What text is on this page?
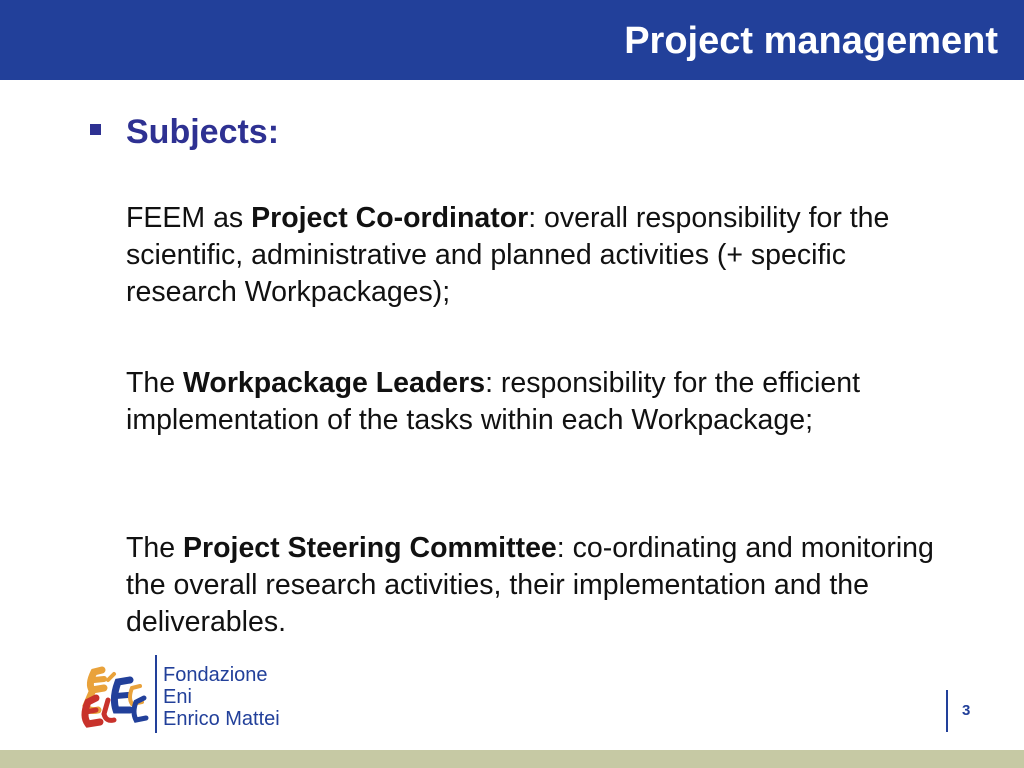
Project management
Subjects:

FEEM as Project Co-ordinator: overall responsibility for the scientific, administrative and planned activities (+ specific research Workpackages);

The Workpackage Leaders: responsibility for the efficient implementation of the tasks within each Workpackage;

The Project Steering Committee: co-ordinating and monitoring the overall research activities, their implementation and the deliverables.

Fondazione
Eni
Enrico Mattei	3
